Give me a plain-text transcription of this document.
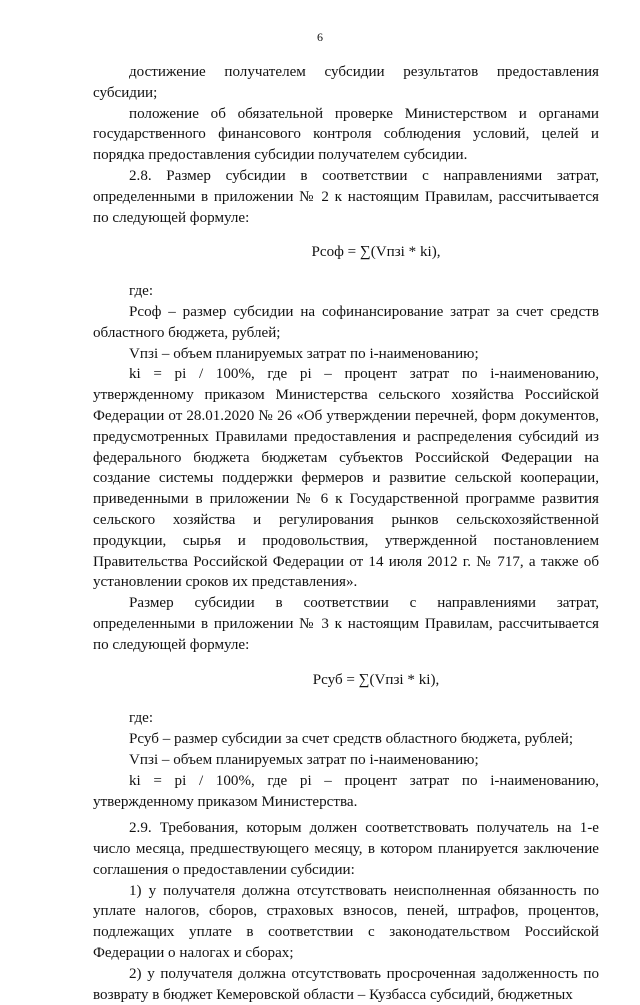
6

достижение получателем субсидии результатов предоставления субсидии;

положение об обязательной проверке Министерством и органами государственного финансового контроля соблюдения условий, целей и порядка предоставления субсидии получателем субсидии.

2.8. Размер субсидии в соответствии с направлениями затрат, определенными в приложении № 2 к настоящим Правилам, рассчитывается по следующей формуле:

Pсоф = ∑(Vпзi * ki),

где:

Pсоф – размер субсидии на софинансирование затрат за счет средств областного бюджета, рублей;

Vпзi – объем планируемых затрат по i-наименованию;

ki = pi / 100%, где pi – процент затрат по i-наименованию, утвержденному приказом Министерства сельского хозяйства Российской Федерации от 28.01.2020 № 26 «Об утверждении перечней, форм документов, предусмотренных Правилами предоставления и распределения субсидий из федерального бюджета бюджетам субъектов Российской Федерации на создание системы поддержки фермеров и развитие сельской кооперации, приведенными в приложении № 6 к Государственной программе развития сельского хозяйства и регулирования рынков сельскохозяйственной продукции, сырья и продовольствия, утвержденной постановлением Правительства Российской Федерации от 14 июля 2012 г. № 717, а также об установлении сроков их представления».

Размер субсидии в соответствии с направлениями затрат, определенными в приложении № 3 к настоящим Правилам, рассчитывается по следующей формуле:

Pсуб = ∑(Vпзi * ki),

где:

Pсуб – размер субсидии за счет средств областного бюджета, рублей;

Vпзi – объем планируемых затрат по i-наименованию;

ki = pi / 100%, где pi – процент затрат по i-наименованию, утвержденному приказом Министерства.

2.9. Требования, которым должен соответствовать получатель на 1-е число месяца, предшествующего месяцу, в котором планируется заключение соглашения о предоставлении субсидии:

1) у получателя должна отсутствовать неисполненная обязанность по уплате налогов, сборов, страховых взносов, пеней, штрафов, процентов, подлежащих уплате в соответствии с законодательством Российской Федерации о налогах и сборах;

2) у получателя должна отсутствовать просроченная задолженность по возврату в бюджет Кемеровской области – Кузбасса субсидий, бюджетных
